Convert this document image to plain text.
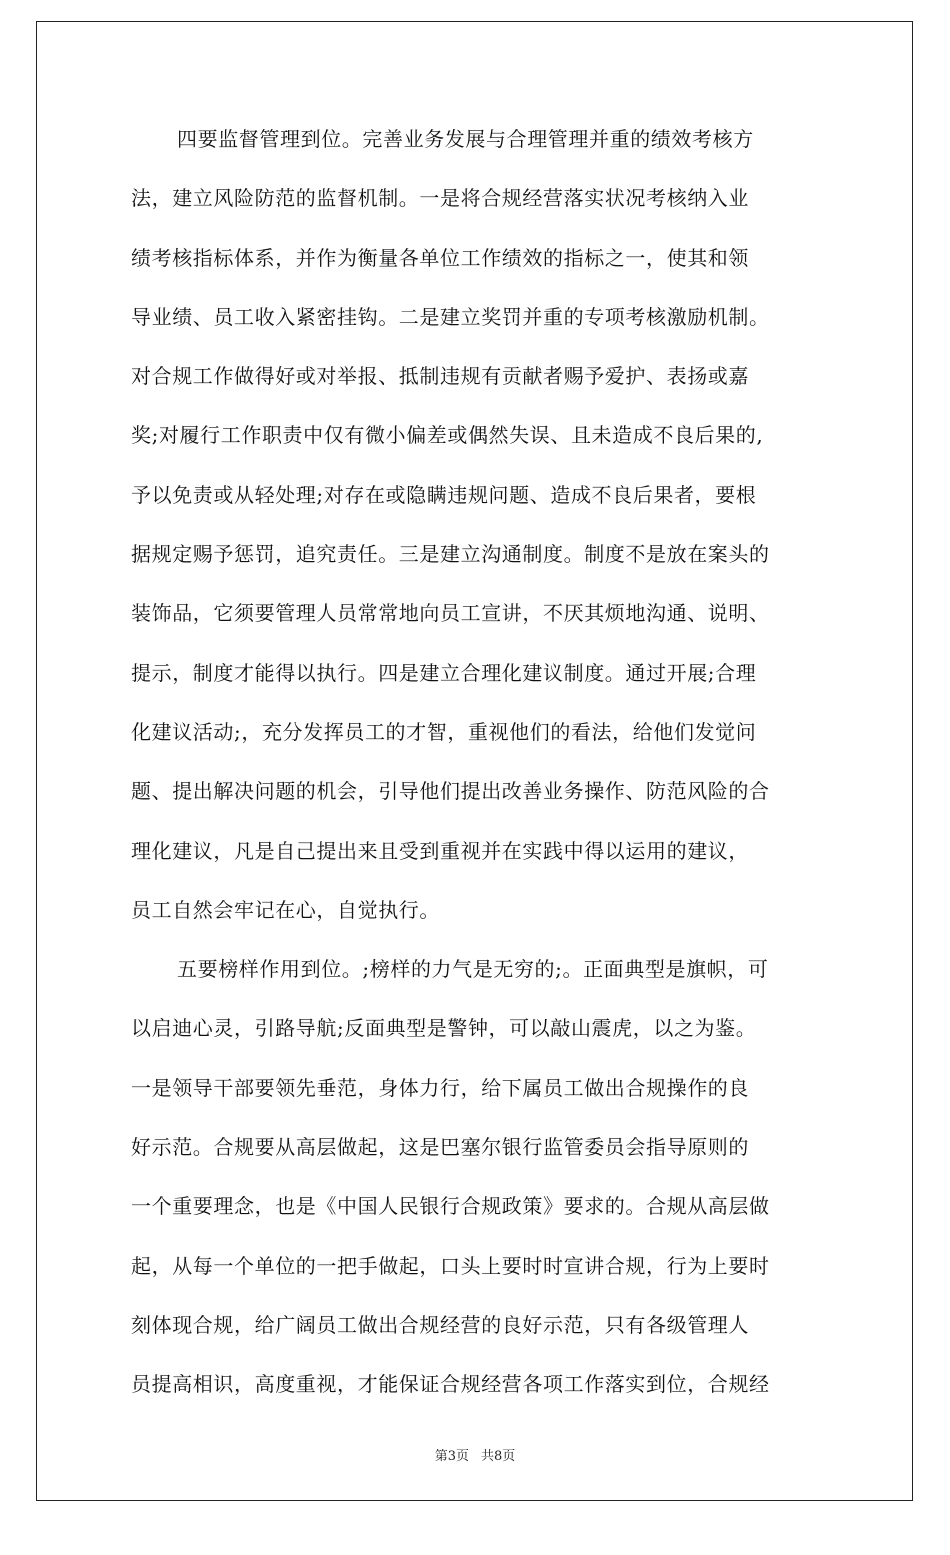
四要监督管理到位。完善业务发展与合理管理并重的绩效考核方
法，建立风险防范的监督机制。一是将合规经营落实状况考核纳入业
绩考核指标体系，并作为衡量各单位工作绩效的指标之一，使其和领
导业绩、员工收入紧密挂钩。二是建立奖罚并重的专项考核激励机制。
对合规工作做得好或对举报、抵制违规有贡献者赐予爱护、表扬或嘉
奖;对履行工作职责中仅有微小偏差或偶然失误、且未造成不良后果的,
予以免责或从轻处理;对存在或隐瞒违规问题、造成不良后果者，要根
据规定赐予惩罚，追究责任。三是建立沟通制度。制度不是放在案头的
装饰品，它须要管理人员常常地向员工宣讲，不厌其烦地沟通、说明、
提示，制度才能得以执行。四是建立合理化建议制度。通过开展;合理
化建议活动;，充分发挥员工的才智，重视他们的看法，给他们发觉问
题、提出解决问题的机会，引导他们提出改善业务操作、防范风险的合
理化建议，凡是自己提出来且受到重视并在实践中得以运用的建议，
员工自然会牢记在心，自觉执行。
五要榜样作用到位。;榜样的力气是无穷的;。正面典型是旗帜，可
以启迪心灵，引路导航;反面典型是警钟，可以敲山震虎，以之为鉴。
一是领导干部要领先垂范，身体力行，给下属员工做出合规操作的良
好示范。合规要从高层做起，这是巴塞尔银行监管委员会指导原则的
一个重要理念，也是《中国人民银行合规政策》要求的。合规从高层做
起，从每一个单位的一把手做起，口头上要时时宣讲合规，行为上要时
刻体现合规，给广阔员工做出合规经营的良好示范，只有各级管理人
员提高相识，高度重视，才能保证合规经营各项工作落实到位，合规经
第3页 共8页
